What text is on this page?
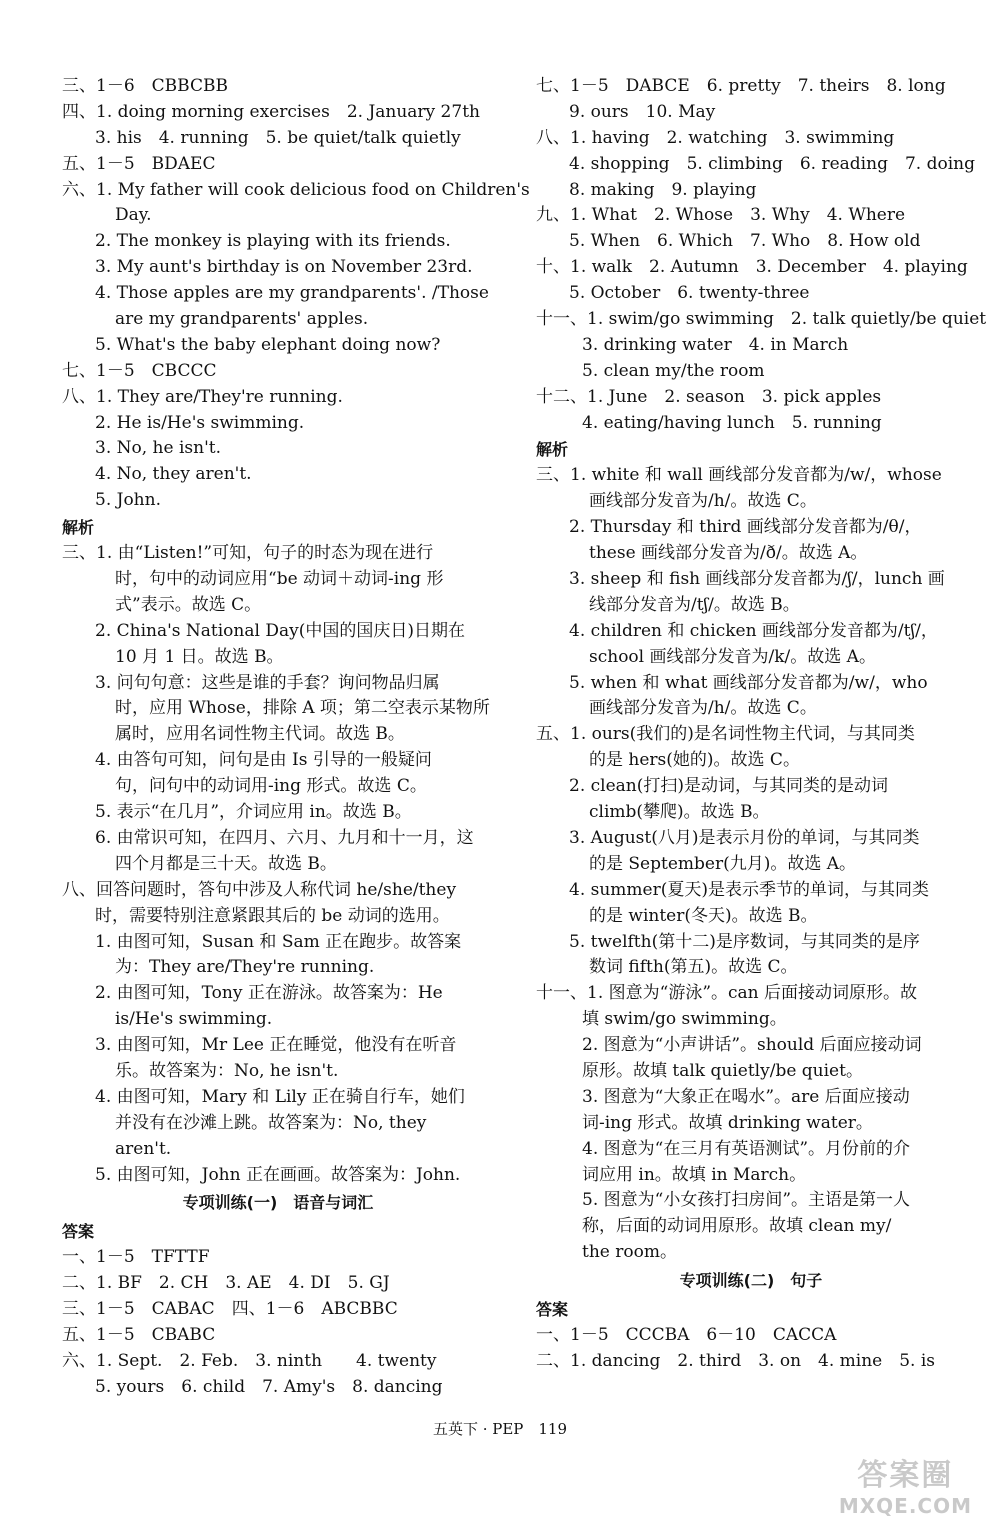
三、1－6　CBBCBB
四、1. doing morning exercises　2. January 27th
3. his　4. running　5. be quiet/talk quietly
五、1－5　BDAEC
六、1. My father will cook delicious food on Children's
Day.
2. The monkey is playing with its friends.
3. My aunt's birthday is on November 23rd.
4. Those apples are my grandparents'. /Those
are my grandparents' apples.
5. What's the baby elephant doing now?
七、1－5　CBCCC
八、1. They are/They're running.
2. He is/He's swimming.
3. No, he isn't.
4. No, they aren't.
5. John.
解析
三、1. 由“Listen!”可知，句子的时态为现在进行
时，句中的动词应用“be 动词＋动词-ing 形
式”表示。故选 C。
2. China's National Day(中国的国庆日)日期在
10 月 1 日。故选 B。
3. 问句句意：这些是谁的手套？询问物品归属
时，应用 Whose，排除 A 项；第二空表示某物所
属时，应用名词性物主代词。故选 B。
4. 由答句可知，问句是由 Is 引导的一般疑问
句，问句中的动词用-ing 形式。故选 C。
5. 表示“在几月”，介词应用 in。故选 B。
6. 由常识可知，在四月、六月、九月和十一月，这
四个月都是三十天。故选 B。
八、回答问题时，答句中涉及人称代词 he/she/they
时，需要特别注意紧跟其后的 be 动词的选用。
1. 由图可知，Susan 和 Sam 正在跑步。故答案
为：They are/They're running.
2. 由图可知，Tony 正在游泳。故答案为：He
is/He's swimming.
3. 由图可知，Mr Lee 正在睡觉，他没有在听音
乐。故答案为：No, he isn't.
4. 由图可知，Mary 和 Lily 正在骑自行车，她们
并没有在沙滩上跳。故答案为：No, they
aren't.
5. 由图可知，John 正在画画。故答案为：John.
专项训练(一)　语音与词汇
答案
一、1－5　TFTTF
二、1. BF　2. CH　3. AE　4. DI　5. GJ
三、1－5　CABAC　四、1－6　ABCBBC
五、1－5　CBABC
六、1. Sept.　2. Feb.　3. ninth　　4. twenty
5. yours　6. child　7. Amy's　8. dancing
七、1－5　DABCE　6. pretty　7. theirs　8. long
9. ours　10. May
八、1. having　2. watching　3. swimming
4. shopping　5. climbing　6. reading　7. doing
8. making　9. playing
九、1. What　2. Whose　3. Why　4. Where
5. When　6. Which　7. Who　8. How old
十、1. walk　2. Autumn　3. December　4. playing
5. October　6. twenty-three
十一、1. swim/go swimming　2. talk quietly/be quiet
3. drinking water　4. in March
5. clean my/the room
十二、1. June　2. season　3. pick apples
4. eating/having lunch　5. running
解析
三、1. white 和 wall 画线部分发音都为/w/，whose
画线部分发音为/h/。故选 C。
2. Thursday 和 third 画线部分发音都为/θ/，
these 画线部分发音为/ð/。故选 A。
3. sheep 和 fish 画线部分发音都为/ʃ/，lunch 画
线部分发音为/tʃ/。故选 B。
4. children 和 chicken 画线部分发音都为/tʃ/，
school 画线部分发音为/k/。故选 A。
5. when 和 what 画线部分发音都为/w/，who
画线部分发音为/h/。故选 C。
五、1. ours(我们的)是名词性物主代词，与其同类
的是 hers(她的)。故选 C。
2. clean(打扫)是动词，与其同类的是动词
climb(攀爬)。故选 B。
3. August(八月)是表示月份的单词，与其同类
的是 September(九月)。故选 A。
4. summer(夏天)是表示季节的单词，与其同类
的是 winter(冬天)。故选 B。
5. twelfth(第十二)是序数词，与其同类的是序
数词 fifth(第五)。故选 C。
十一、1. 图意为“游泳”。can 后面接动词原形。故
填 swim/go swimming。
2. 图意为“小声讲话”。should 后面应接动词
原形。故填 talk quietly/be quiet。
3. 图意为“大象正在喝水”。are 后面应接动
词-ing 形式。故填 drinking water。
4. 图意为“在三月有英语测试”。月份前的介
词应用 in。故填 in March。
5. 图意为“小女孩打扫房间”。主语是第一人
称，后面的动词用原形。故填 clean my/
the room。
专项训练(二)　句子
答案
一、1－5　CCCBA　6－10　CACCA
二、1. dancing　2. third　3. on　4. mine　5. is
五英下 · PEP　119
答案圈
MXQE.COM
